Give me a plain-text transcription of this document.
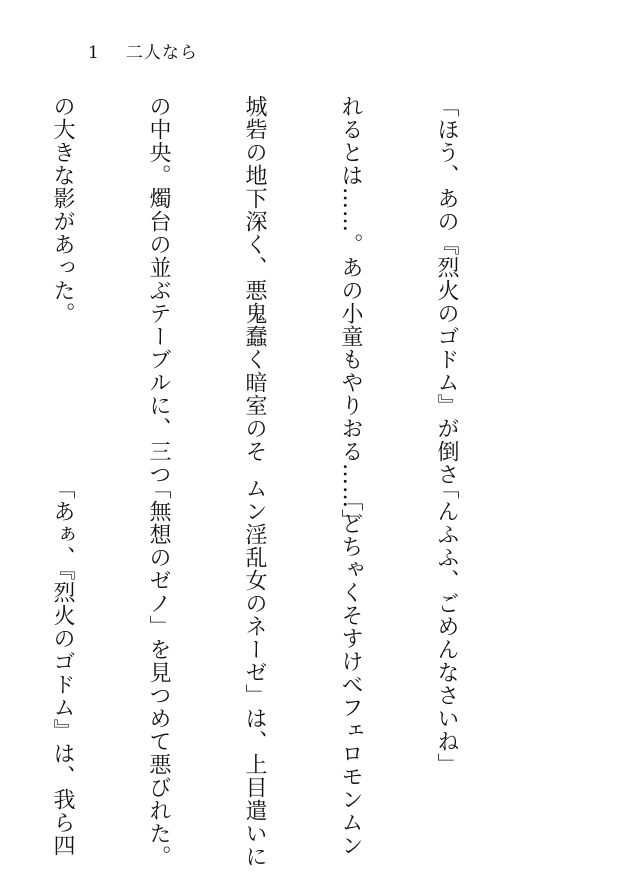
1 二人なら

「ほう、あの『烈火のゴドム』が倒さ

れるとは……。あの小童もやりおる……」

城砦の地下深く、悪鬼蠢く暗室のそ

の中央。燭台の並ぶテーブルに、三つ

の大きな影があった。

「んふふ、ごめんなさいね」

　「どちゃくそすけべフェロモンムン

ムン淫乱女のネーゼ」は、上目遣いに

「無想のゼノ」を見つめて悪びれた。

「あぁ、『烈火のゴドム』は、我ら四
